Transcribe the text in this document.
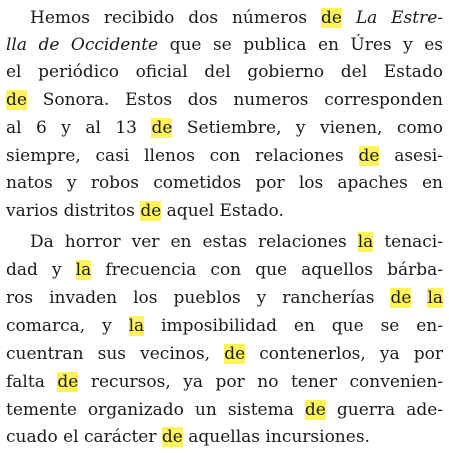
Hemos recibido dos números de La Estre-
lla de Occidente que se publica en Úres y es
el periódico oficial del gobierno del Estado
de Sonora. Estos dos numeros corresponden
al 6 y al 13 de Setiembre, y vienen, como
siempre, casi llenos con relaciones de asesi-
natos y robos cometidos por los apaches en
varios distritos de aquel Estado.
Da horror ver en estas relaciones la tenaci-
dad y la frecuencia con que aquellos bárba-
ros invaden los pueblos y rancherías de la
comarca, y la imposibilidad en que se en-
cuentran sus vecinos, de contenerlos, ya por
falta de recursos, ya por no tener convenien-
temente organizado un sistema de guerra ade-
cuado el carácter de aquellas incursiones.
